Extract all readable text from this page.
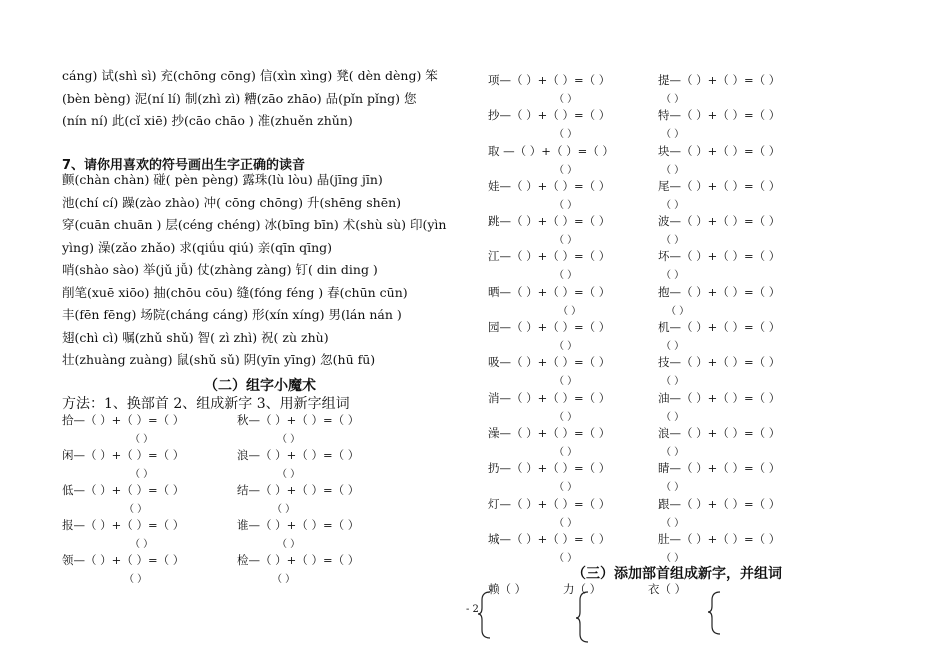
cáng) 试(shì sì) 充(chōng cōng) 信(xìn xìng) 凳( dèn dèng) 笨
(bèn bèng) 泥(ní lí) 制(zhì zì) 糟(zāo zhāo) 品(pǐn pǐng) 您
(nín ní) 此(cǐ xiē) 抄(cāo chāo ) 准(zhuěn zhǔn)
7、请你用喜欢的符号画出生字正确的读音
颤(chàn chàn) 碰( pèn pèng) 露珠(lù lòu) 晶(jīng jīn)
池(chí cí) 躁(zào zhào) 冲( cōng chōng) 升(shēng shēn)
穿(cuān chuān ) 层(céng chéng) 冰(bīng bīn) 术(shù sù) 印(yìn
yìng) 澡(zǎo zhǎo) 求(qiǘu qiú) 亲(qīn qīng)
哨(shào sào) 举(jǔ jǚ) 仗(zhàng zàng) 钉( din ding )
削笔(xuē xiōo) 抽(chōu cōu) 缝(fóng féng ) 春(chūn cūn)
丰(fēn fēng) 场院(cháng cáng) 形(xín xíng) 男(lán nán )
翅(chì cì) 嘱(zhǔ shǔ) 智( zì zhì) 祝( zù zhù)
壮(zhuàng zuàng) 鼠(shǔ sǔ) 阴(yīn yīng) 忽(hū fū)
（二）组字小魔术
方法：1、换部首 2、组成新字 3、用新字组词
拾—（ ）+（ ）=（ ）	秋—（ ）+（ ）=（ ）
（ ）	（ ）
闲—（ ）+（ ）=（ ）	浪—（ ）+（ ）=（ ）
（ ）	（ ）
低—（ ）+（ ）=（ ）	结—（ ）+（ ）=（ ）
（ ）	（ ）
报—（ ）+（ ）=（ ）	谁—（ ）+（ ）=（ ）
（ ）	（ ）
领—（ ）+（ ）=（ ）	检—（ ）+（ ）=（ ）
（ ）	（ ）
项—（ ）+（ ）=（ ）	提—（ ）+（ ）=（ ）
（ ）	（ ）
抄—（ ）+（ ）=（ ）	特—（ ）+（ ）=（ ）
（ ）	（ ）
取 —（ ）+（ ）=（ ）	块—（ ）+（ ）=（ ）
（ ）	（ ）
娃—（ ）+（ ）=（ ）	尾—（ ）+（ ）=（ ）
（ ）	（ ）
跳—（ ）+（ ）=（ ）	波—（ ）+（ ）=（ ）
（ ）	（ ）
江—（ ）+（ ）=（ ）	坏—（ ）+（ ）=（ ）
（ ）	（ ）
晒—（ ）+（ ）=（ ）	抱—（ ）+（ ）=（ ）
（ ）	（ ）
园—（ ）+（ ）=（ ）	机—（ ）+（ ）=（ ）
（ ）	（ ）
吸—（ ）+（ ）=（ ）	技—（ ）+（ ）=（ ）
（ ）	（ ）
消—（ ）+（ ）=（ ）	油—（ ）+（ ）=（ ）
（ ）	（ ）
澡—（ ）+（ ）=（ ）	浪—（ ）+（ ）=（ ）
（ ）	（ ）
扔—（ ）+（ ）=（ ）	睛—（ ）+（ ）=（ ）
（ ）	（ ）
灯—（ ）+（ ）=（ ）	跟—（ ）+（ ）=（ ）
（ ）	（ ）
城—（ ）+（ ）=（ ）	肚—（ ）+（ ）=（ ）
（ ）	（ ）
（三）添加部首组成新字，并组词
赖（ ）	力（ ）	衣（ ）
- 2
